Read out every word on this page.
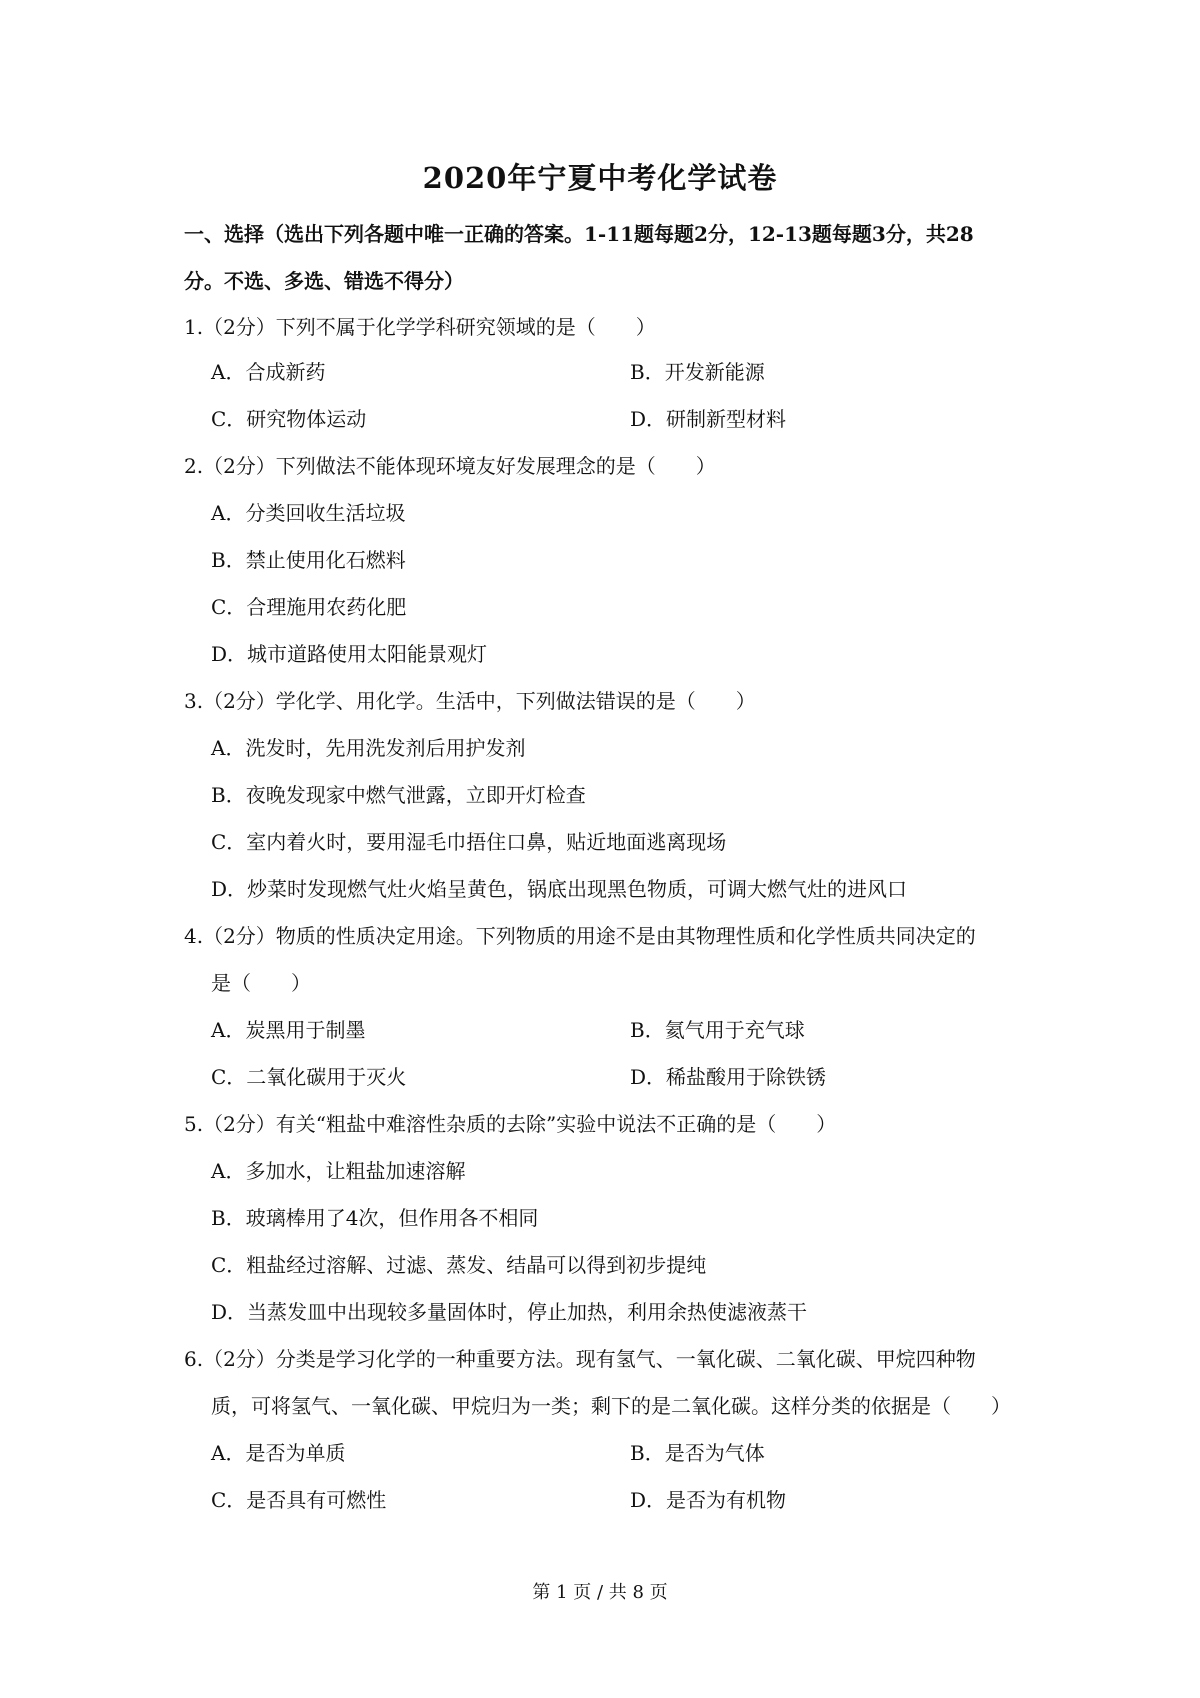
2020年宁夏中考化学试卷
一、选择（选出下列各题中唯一正确的答案。1-11题每题2分，12-13题每题3分，共28
分。不选、多选、错选不得分）
1.（2分）下列不属于化学学科研究领域的是（　　）
A．合成新药	B．开发新能源
C．研究物体运动	D．研制新型材料
2.（2分）下列做法不能体现环境友好发展理念的是（　　）
A．分类回收生活垃圾
B．禁止使用化石燃料
C．合理施用农药化肥
D．城市道路使用太阳能景观灯
3.（2分）学化学、用化学。生活中，下列做法错误的是（　　）
A．洗发时，先用洗发剂后用护发剂
B．夜晚发现家中燃气泄露，立即开灯检查
C．室内着火时，要用湿毛巾捂住口鼻，贴近地面逃离现场
D．炒菜时发现燃气灶火焰呈黄色，锅底出现黑色物质，可调大燃气灶的进风口
4.（2分）物质的性质决定用途。下列物质的用途不是由其物理性质和化学性质共同决定的
是（　　）
A．炭黑用于制墨	B．氦气用于充气球
C．二氧化碳用于灭火	D．稀盐酸用于除铁锈
5.（2分）有关“粗盐中难溶性杂质的去除”实验中说法不正确的是（　　）
A．多加水，让粗盐加速溶解
B．玻璃棒用了4次，但作用各不相同
C．粗盐经过溶解、过滤、蒸发、结晶可以得到初步提纯
D．当蒸发皿中出现较多量固体时，停止加热，利用余热使滤液蒸干
6.（2分）分类是学习化学的一种重要方法。现有氢气、一氧化碳、二氧化碳、甲烷四种物
质，可将氢气、一氧化碳、甲烷归为一类；剩下的是二氧化碳。这样分类的依据是（　　）
A．是否为单质	B．是否为气体
C．是否具有可燃性	D．是否为有机物
第 1 页 / 共 8 页
